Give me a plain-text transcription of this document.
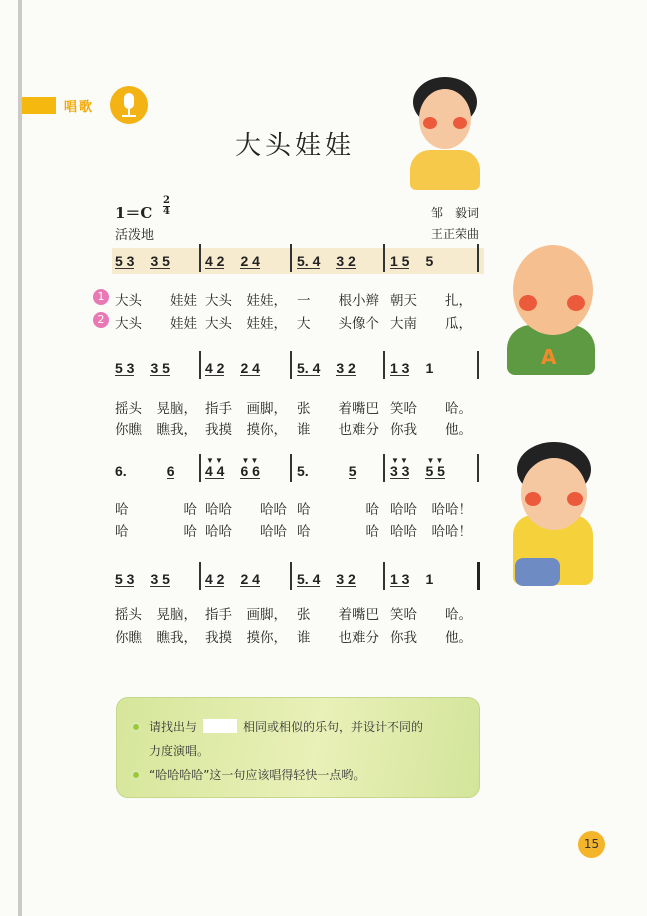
唱歌
大头娃娃
$1=C \frac{2}{4}$
活泼地
邹　毅词
王正荣曲
5 3 3 5	4 2 2 4	5. 4 3 2 1 5 5
大头 娃娃 大头 娃娃， 一 根小辫 朝天 扎，
大头 娃娃 大头 娃娃， 大 头像个 大南 瓜，
5 3 3 5	4 2 2 4	5. 4 3 2 1 3 1
摇头 晃脑， 指手 画脚， 张 着嘴巴 笑哈 哈。
你瞧 瞧我， 我摸 摸你， 谁 也难分 你我 他。
6.	6 4 4
▼ ▼
6 6
▼ ▼
5.	5 3 3
▼ ▼
5 5
▼ ▼
哈	哈 哈哈 哈哈 哈	哈 哈哈 哈哈！
哈	哈 哈哈 哈哈 哈	哈 哈哈 哈哈！
5 3 3 5	4 2 2 4	5. 4 3 2 1 3 1
摇头 晃脑， 指手 画脚， 张 着嘴巴 笑哈 哈。
你瞧 瞧我， 我摸 摸你， 谁 也难分 你我 他。
1
2
请找出与	相同或相似的乐句，并设计不同的
力度演唱。
“哈哈哈哈”这一句应该唱得轻快一点哟。
15
A
